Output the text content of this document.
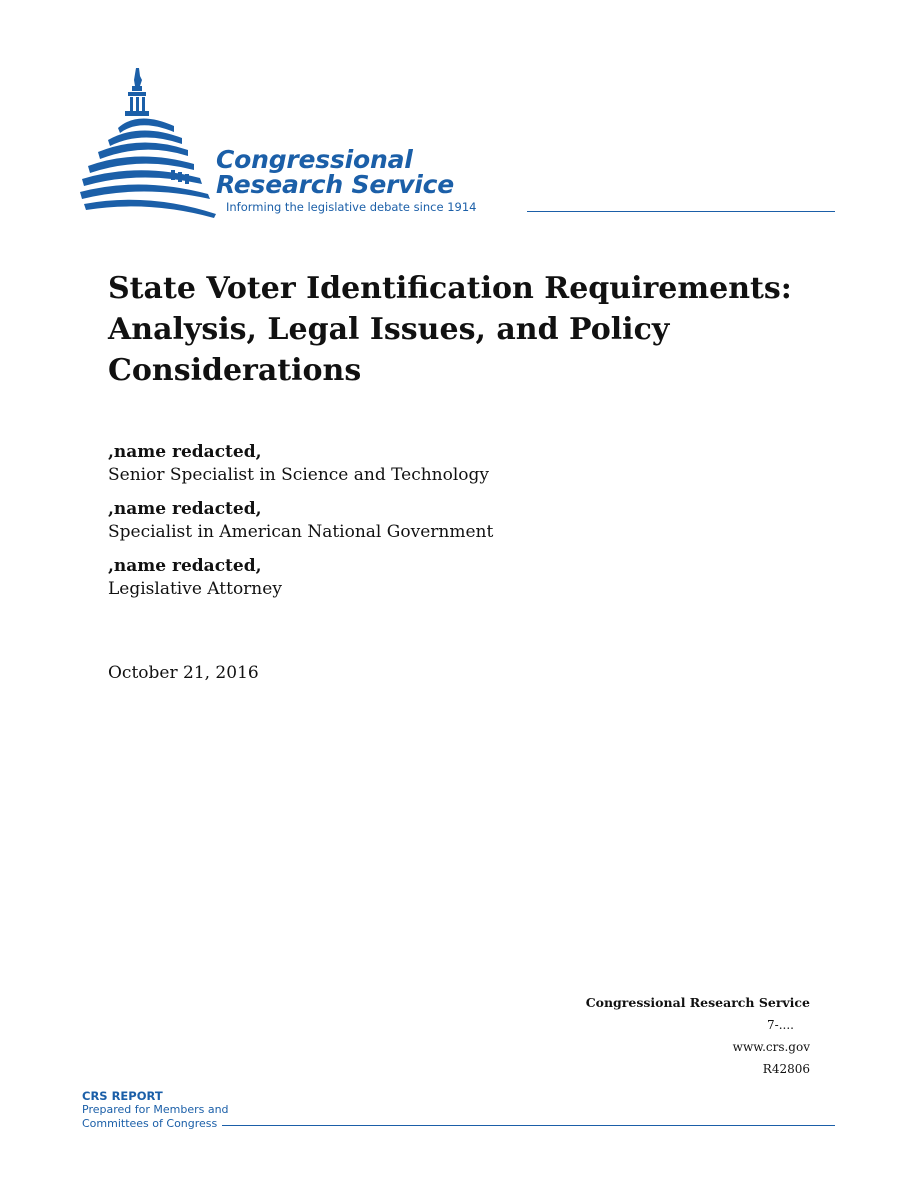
Congressional
Research Service
Informing the legislative debate since 1914
State Voter Identification Requirements: Analysis, Legal Issues, and Policy Considerations
,name redacted,
Senior Specialist in Science and Technology
,name redacted,
Specialist in American National Government
,name redacted,
Legislative Attorney
October 21, 2016
Congressional Research Service
7-....
www.crs.gov
R42806
CRS REPORT
Prepared for Members and
Committees of Congress
